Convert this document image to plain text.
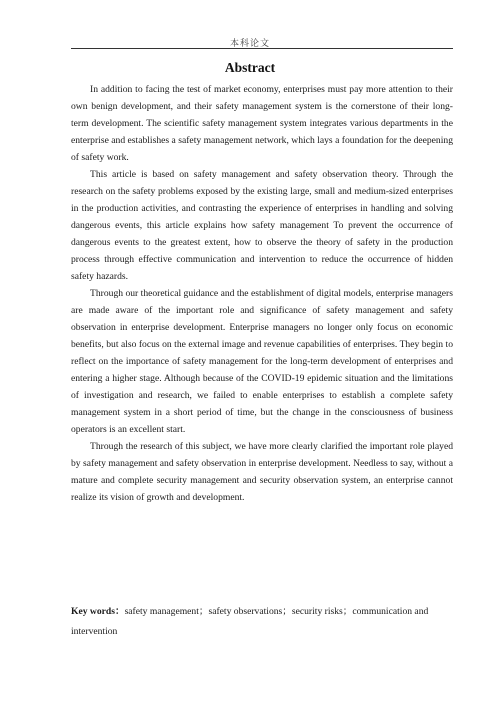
本科论文
Abstract

In addition to facing the test of market economy, enterprises must pay more attention to their own benign development, and their safety management system is the cornerstone of their long-term development. The scientific safety management system integrates various departments in the enterprise and establishes a safety management network, which lays a foundation for the deepening of safety work.

This article is based on safety management and safety observation theory. Through the research on the safety problems exposed by the existing large, small and medium-sized enterprises in the production activities, and contrasting the experience of enterprises in handling and solving dangerous events, this article explains how safety management To prevent the occurrence of dangerous events to the greatest extent, how to observe the theory of safety in the production process through effective communication and intervention to reduce the occurrence of hidden safety hazards.

Through our theoretical guidance and the establishment of digital models, enterprise managers are made aware of the important role and significance of safety management and safety observation in enterprise development. Enterprise managers no longer only focus on economic benefits, but also focus on the external image and revenue capabilities of enterprises. They begin to reflect on the importance of safety management for the long-term development of enterprises and entering a higher stage. Although because of the COVID-19 epidemic situation and the limitations of investigation and research, we failed to enable enterprises to establish a complete safety management system in a short period of time, but the change in the consciousness of business operators is an excellent start.

Through the research of this subject, we have more clearly clarified the important role played by safety management and safety observation in enterprise development. Needless to say, without a mature and complete security management and security observation system, an enterprise cannot realize its vision of growth and development.

Key words：safety management；safety observations；security risks；communication and intervention
